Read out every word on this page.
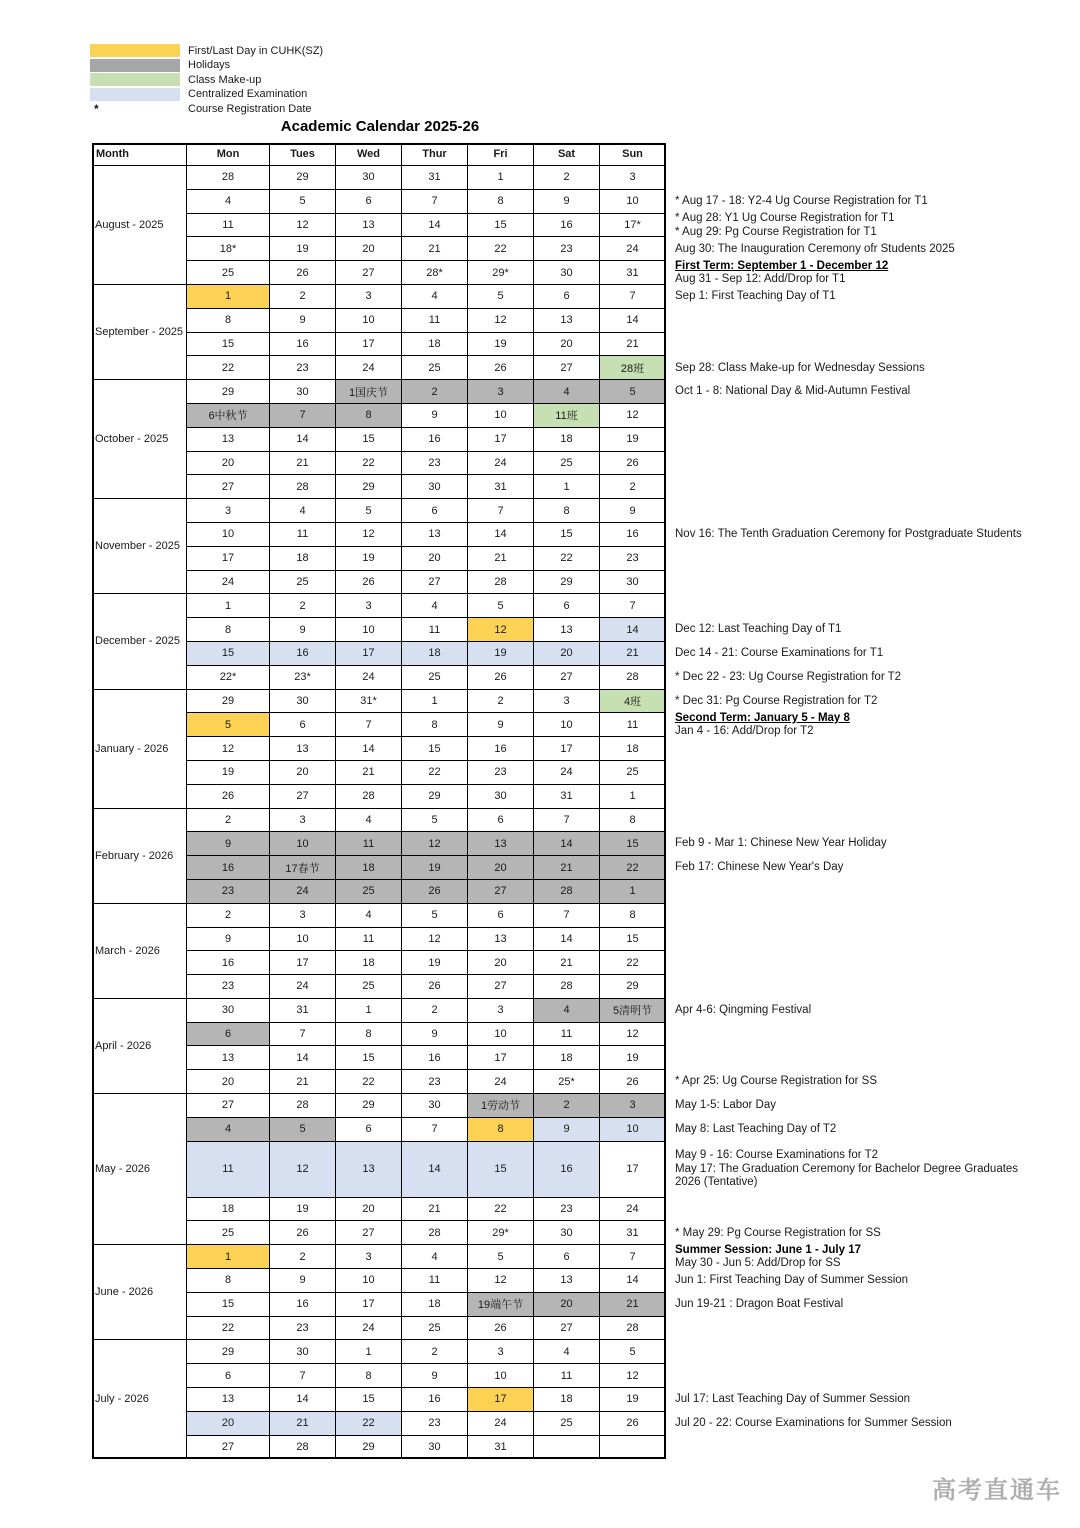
First/Last Day in CUHK(SZ)
Holidays
Class Make-up
Centralized Examination
*	Course Registration Date
Academic Calendar 2025-26
Month	Mon	Tues	Wed	Thur	Fri	Sat	Sun
August - 2025
28	29	30	31	1	2	3
4	5	6	7	8	9	10	* Aug 17 - 18: Y2-4 Ug Course Registration for T1
11	12	13	14	15	16	17*
* Aug 28: Y1 Ug Course Registration for T1
* Aug 29: Pg Course Registration for T1
18*	19	20	21	22	23	24	Aug 30: The Inauguration Ceremony ofr Students 2025
25	26	27	28*	29*	30	31
First Term: September 1 - December 12
Aug 31 - Sep 12: Add/Drop for T1
September - 2025
1	2	3	4	5	6	7	Sep 1: First Teaching Day of T1
8	9	10	11	12	13	14
15	16	17	18	19	20	21
22	23	24	25	26	27	28班	Sep 28: Class Make-up for Wednesday Sessions
October - 2025
29	30	1国庆节	2	3	4	5	Oct 1 - 8: National Day & Mid-Autumn Festival
6中秋节	7	8	9	10	11班	12
13	14	15	16	17	18	19
20	21	22	23	24	25	26
27	28	29	30	31	1	2
November - 2025
3	4	5	6	7	8	9
10	11	12	13	14	15	16	Nov 16: The Tenth Graduation Ceremony for Postgraduate Students
17	18	19	20	21	22	23
24	25	26	27	28	29	30
December - 2025
1	2	3	4	5	6	7
8	9	10	11	12	13	14	Dec 12: Last Teaching Day of T1
15	16	17	18	19	20	21	Dec 14 - 21: Course Examinations for T1
22*	23*	24	25	26	27	28	* Dec 22 - 23: Ug Course Registration for T2
January - 2026
29	30	31*	1	2	3	4班	* Dec 31: Pg Course Registration for T2
5	6	7	8	9	10	11
Second Term: January 5 - May 8
Jan 4 - 16: Add/Drop for T2
12	13	14	15	16	17	18
19	20	21	22	23	24	25
26	27	28	29	30	31	1
February - 2026
2	3	4	5	6	7	8
9	10	11	12	13	14	15	Feb 9 - Mar 1: Chinese New Year Holiday
16	17春节	18	19	20	21	22	Feb 17: Chinese New Year's Day
23	24	25	26	27	28	1
March - 2026
2	3	4	5	6	7	8
9	10	11	12	13	14	15
16	17	18	19	20	21	22
23	24	25	26	27	28	29
April - 2026
30	31	1	2	3	4	5清明节	Apr 4-6: Qingming Festival
6	7	8	9	10	11	12
13	14	15	16	17	18	19
20	21	22	23	24	25*	26	* Apr 25: Ug Course Registration for SS
May - 2026
27	28	29	30	1劳动节	2	3	May 1-5: Labor Day
4	5	6	7	8	9	10	May 8: Last Teaching Day of T2
11	12	13	14	15	16	17
May 9 - 16: Course Examinations for T2
May 17: The Graduation Ceremony for Bachelor Degree Graduates
2026 (Tentative)
18	19	20	21	22	23	24
25	26	27	28	29*	30	31	* May 29: Pg Course Registration for SS
June - 2026
1	2	3	4	5	6	7
Summer Session: June 1 - July 17
May 30 - Jun 5: Add/Drop for SS
8	9	10	11	12	13	14	Jun 1: First Teaching Day of Summer Session
15	16	17	18	19端午节	20	21	Jun 19-21 : Dragon Boat Festival
22	23	24	25	26	27	28
July - 2026
29	30	1	2	3	4	5
6	7	8	9	10	11	12
13	14	15	16	17	18	19	Jul 17: Last Teaching Day of Summer Session
20	21	22	23	24	25	26	Jul 20 - 22: Course Examinations for Summer Session
27	28	29	30	31
高考直通车
